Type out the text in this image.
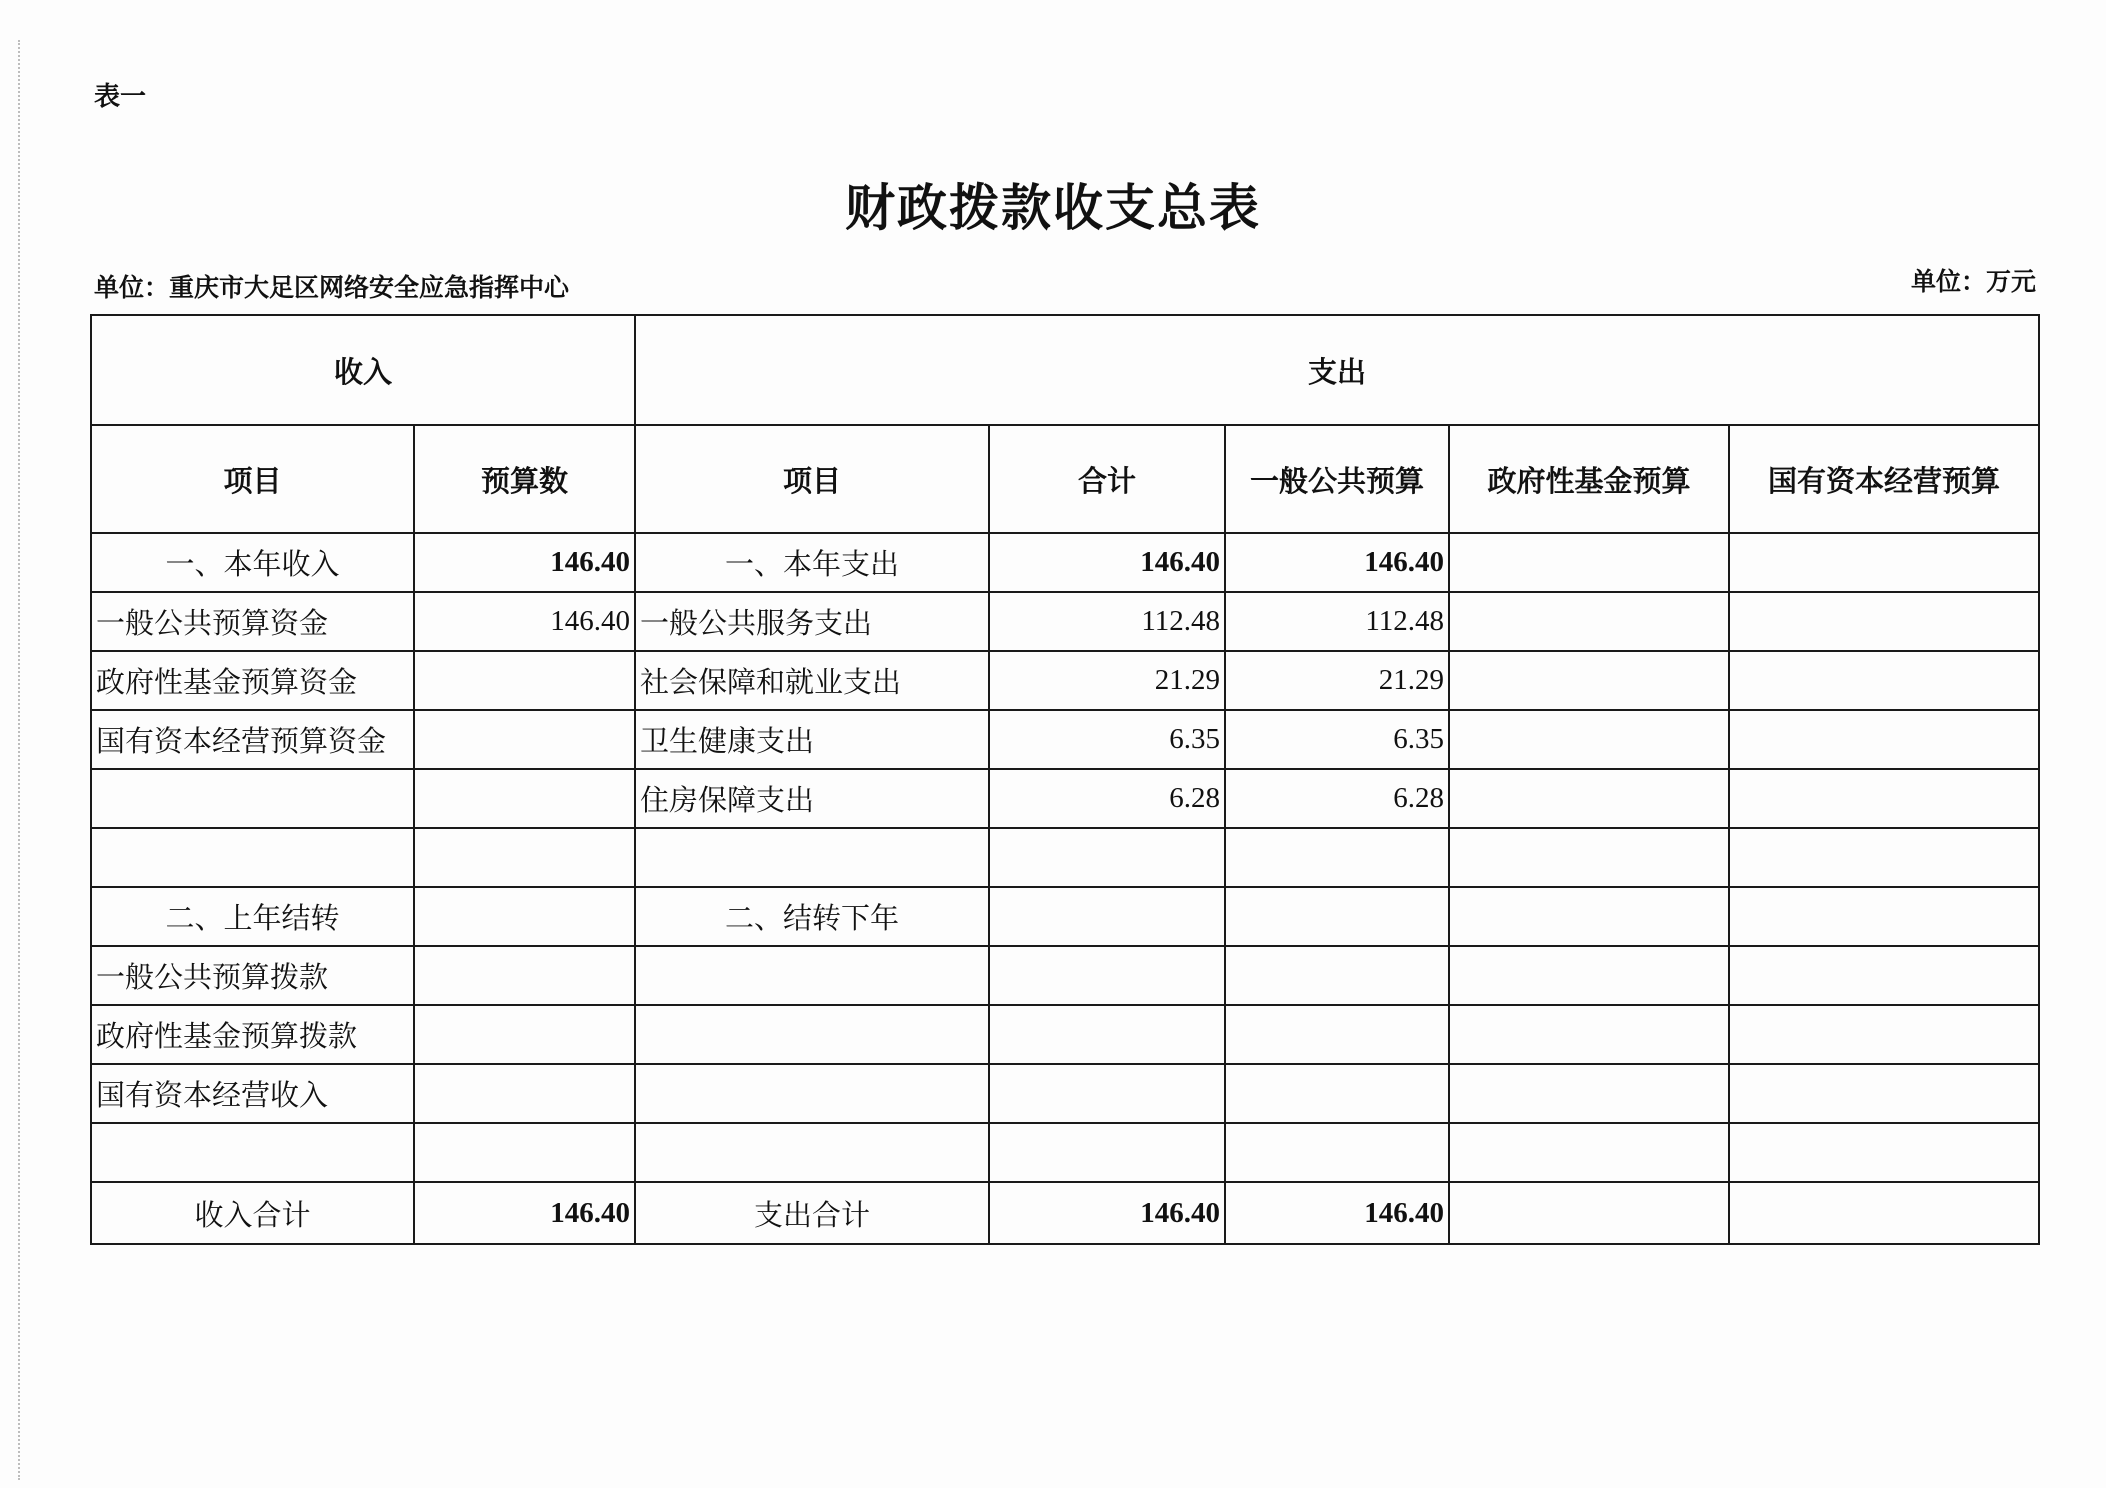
表一
财政拨款收支总表
单位：重庆市大足区网络安全应急指挥中心	单位：万元
收入		支出				
项目	预算数	项目	合计	一般公共预算	政府性基金预算	国有资本经营预算
一、本年收入	146.40	一、本年支出	146.40	146.40		
一般公共预算资金	146.40	一般公共服务支出	112.48	112.48		
政府性基金预算资金		社会保障和就业支出	21.29	21.29		
国有资本经营预算资金		卫生健康支出	6.35	6.35		
		住房保障支出	6.28	6.28		

二、上年结转		二、结转下年				
一般公共预算拨款						
政府性基金预算拨款						
国有资本经营收入						

收入合计	146.40	支出合计	146.40	146.40		
